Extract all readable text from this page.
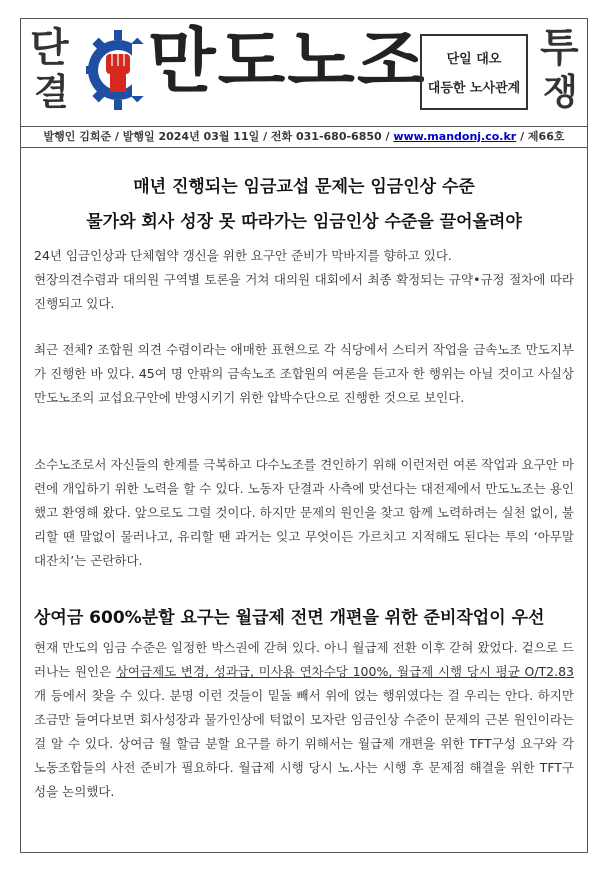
단
결 만도노조	단일 대오
대등한 노사관계
투
쟁
발행인 김희준 / 발행일 2024년 03월 11일 / 전화 031-680-6850 / www.mandonj.co.kr / 제66호
매년 진행되는 임금교섭 문제는 임금인상 수준
물가와 회사 성장 못 따라가는 임금인상 수준을 끌어올려야
24년 임금인상과 단체협약 갱신을 위한 요구안 준비가 막바지를 향하고 있다.
현장의견수렴과 대의원 구역별 토론을 거쳐 대의원 대회에서 최종 확정되는 규약•규정 절차에 따라 진행되고 있다.
최근 전체? 조합원 의견 수렴이라는 애매한 표현으로 각 식당에서 스티커 작업을 금속노조 만도지부가 진행한 바 있다. 45여 명 안팎의 금속노조 조합원의 여론을 듣고자 한 행위는 아닐 것이고 사실상 만도노조의 교섭요구안에 반영시키기 위한 압박수단으로 진행한 것으로 보인다.
소수노조로서 자신들의 한계를 극복하고 다수노조를 견인하기 위해 이런저런 여론 작업과 요구안 마련에 개입하기 위한 노력을 할 수 있다. 노동자 단결과 사측에 맞선다는 대전제에서 만도노조는 용인했고 환영해 왔다. 앞으로도 그럴 것이다. 하지만 문제의 원인을 찾고 함께 노력하려는 실천 없이, 불리할 땐 말없이 물러나고, 유리할 땐 과거는 잊고 무엇이든 가르치고 지적해도 된다는 투의 ‘아무말 대잔치’는 곤란하다.
상여금 600%분할 요구는 월급제 전면 개편을 위한 준비작업이 우선
현재 만도의 임금 수준은 일정한 박스권에 갇혀 있다. 아니 월급제 전환 이후 갇혀 왔었다. 겉으로 드러나는 원인은 상여금제도 변경, 성과급, 미사용 연차수당 100%, 월급제 시행 당시 평균 O/T2.83개 등에서 찾을 수 있다. 분명 이런 것들이 밑돌 빼서 위에 얹는 행위였다는 걸 우리는 안다. 하지만 조금만 들여다보면 회사성장과 물가인상에 턱없이 모자란 임금인상 수준이 문제의 근본 원인이라는 걸 알 수 있다. 상여금 월 할금 분할 요구를 하기 위해서는 월급제 개편을 위한 TFT구성 요구와 각 노동조합들의 사전 준비가 필요하다. 월급제 시행 당시 노.사는 시행 후 문제점 해결을 위한 TFT구성을 논의했다.
